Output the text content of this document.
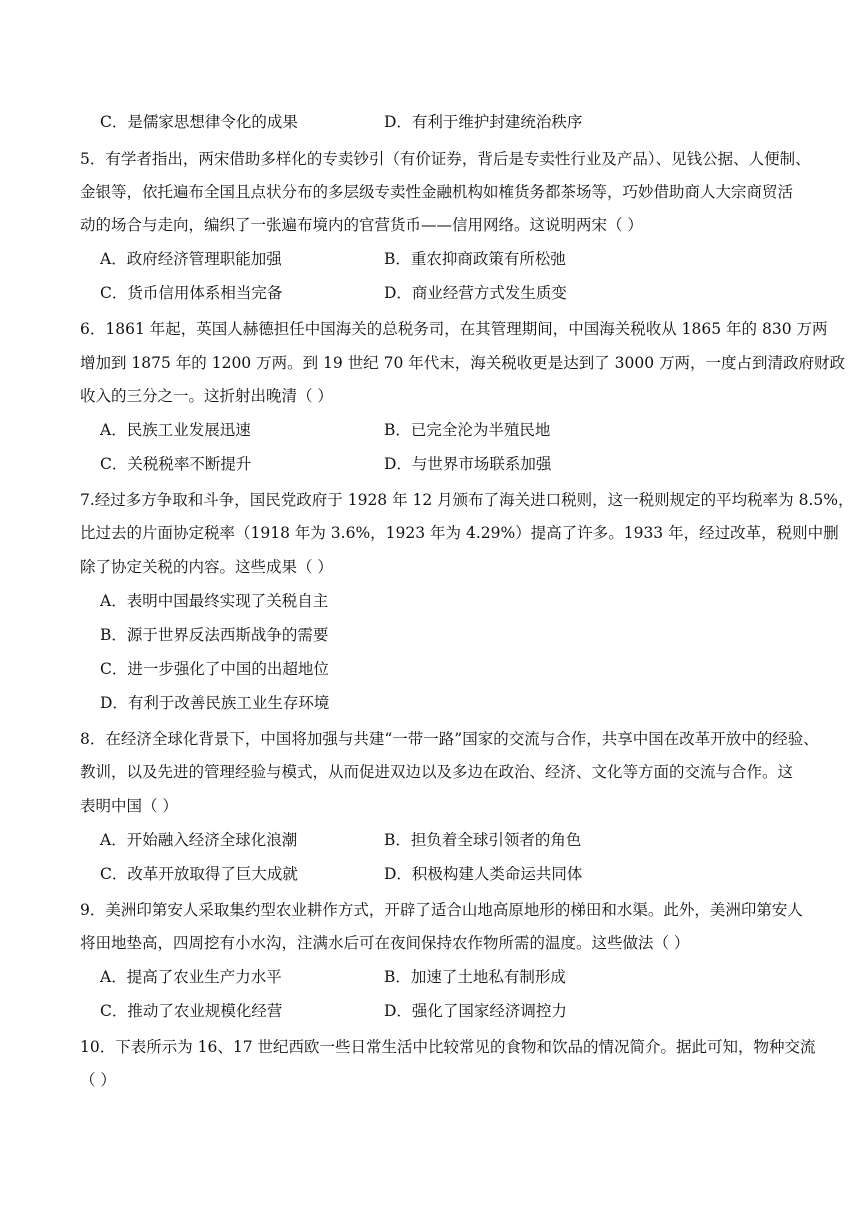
C．是儒家思想律令化的成果	D．有利于维护封建统治秩序
5．有学者指出，两宋借助多样化的专卖钞引（有价证券，背后是专卖性行业及产品）、见钱公据、人便制、
金银等，依托遍布全国且点状分布的多层级专卖性金融机构如榷货务都茶场等，巧妙借助商人大宗商贸活
动的场合与走向，编织了一张遍布境内的官营货币——信用网络。这说明两宋（ ）
A．政府经济管理职能加强	B．重农抑商政策有所松弛
C．货币信用体系相当完备	D．商业经营方式发生质变
6．1861 年起，英国人赫德担任中国海关的总税务司，在其管理期间，中国海关税收从 1865 年的 830 万两
增加到 1875 年的 1200 万两。到 19 世纪 70 年代末，海关税收更是达到了 3000 万两，一度占到清政府财政
收入的三分之一。这折射出晚清（ ）
A．民族工业发展迅速	B．已完全沦为半殖民地
C．关税税率不断提升	D．与世界市场联系加强
7.经过多方争取和斗争，国民党政府于 1928 年 12 月颁布了海关进口税则，这一税则规定的平均税率为 8.5%，
比过去的片面协定税率（1918 年为 3.6%，1923 年为 4.29%）提高了许多。1933 年，经过改革，税则中删
除了协定关税的内容。这些成果（ ）
A．表明中国最终实现了关税自主
B．源于世界反法西斯战争的需要
C．进一步强化了中国的出超地位
D．有利于改善民族工业生存环境
8．在经济全球化背景下，中国将加强与共建“一带一路”国家的交流与合作，共享中国在改革开放中的经验、
教训，以及先进的管理经验与模式，从而促进双边以及多边在政治、经济、文化等方面的交流与合作。这
表明中国（ ）
A．开始融入经济全球化浪潮	B．担负着全球引领者的角色
C．改革开放取得了巨大成就	D．积极构建人类命运共同体
9．美洲印第安人采取集约型农业耕作方式，开辟了适合山地高原地形的梯田和水渠。此外，美洲印第安人
将田地垫高，四周挖有小水沟，注满水后可在夜间保持农作物所需的温度。这些做法（ ）
A．提高了农业生产力水平	B．加速了土地私有制形成
C．推动了农业规模化经营	D．强化了国家经济调控力
10．下表所示为 16、17 世纪西欧一些日常生活中比较常见的食物和饮品的情况简介。据此可知，物种交流
（ ）
